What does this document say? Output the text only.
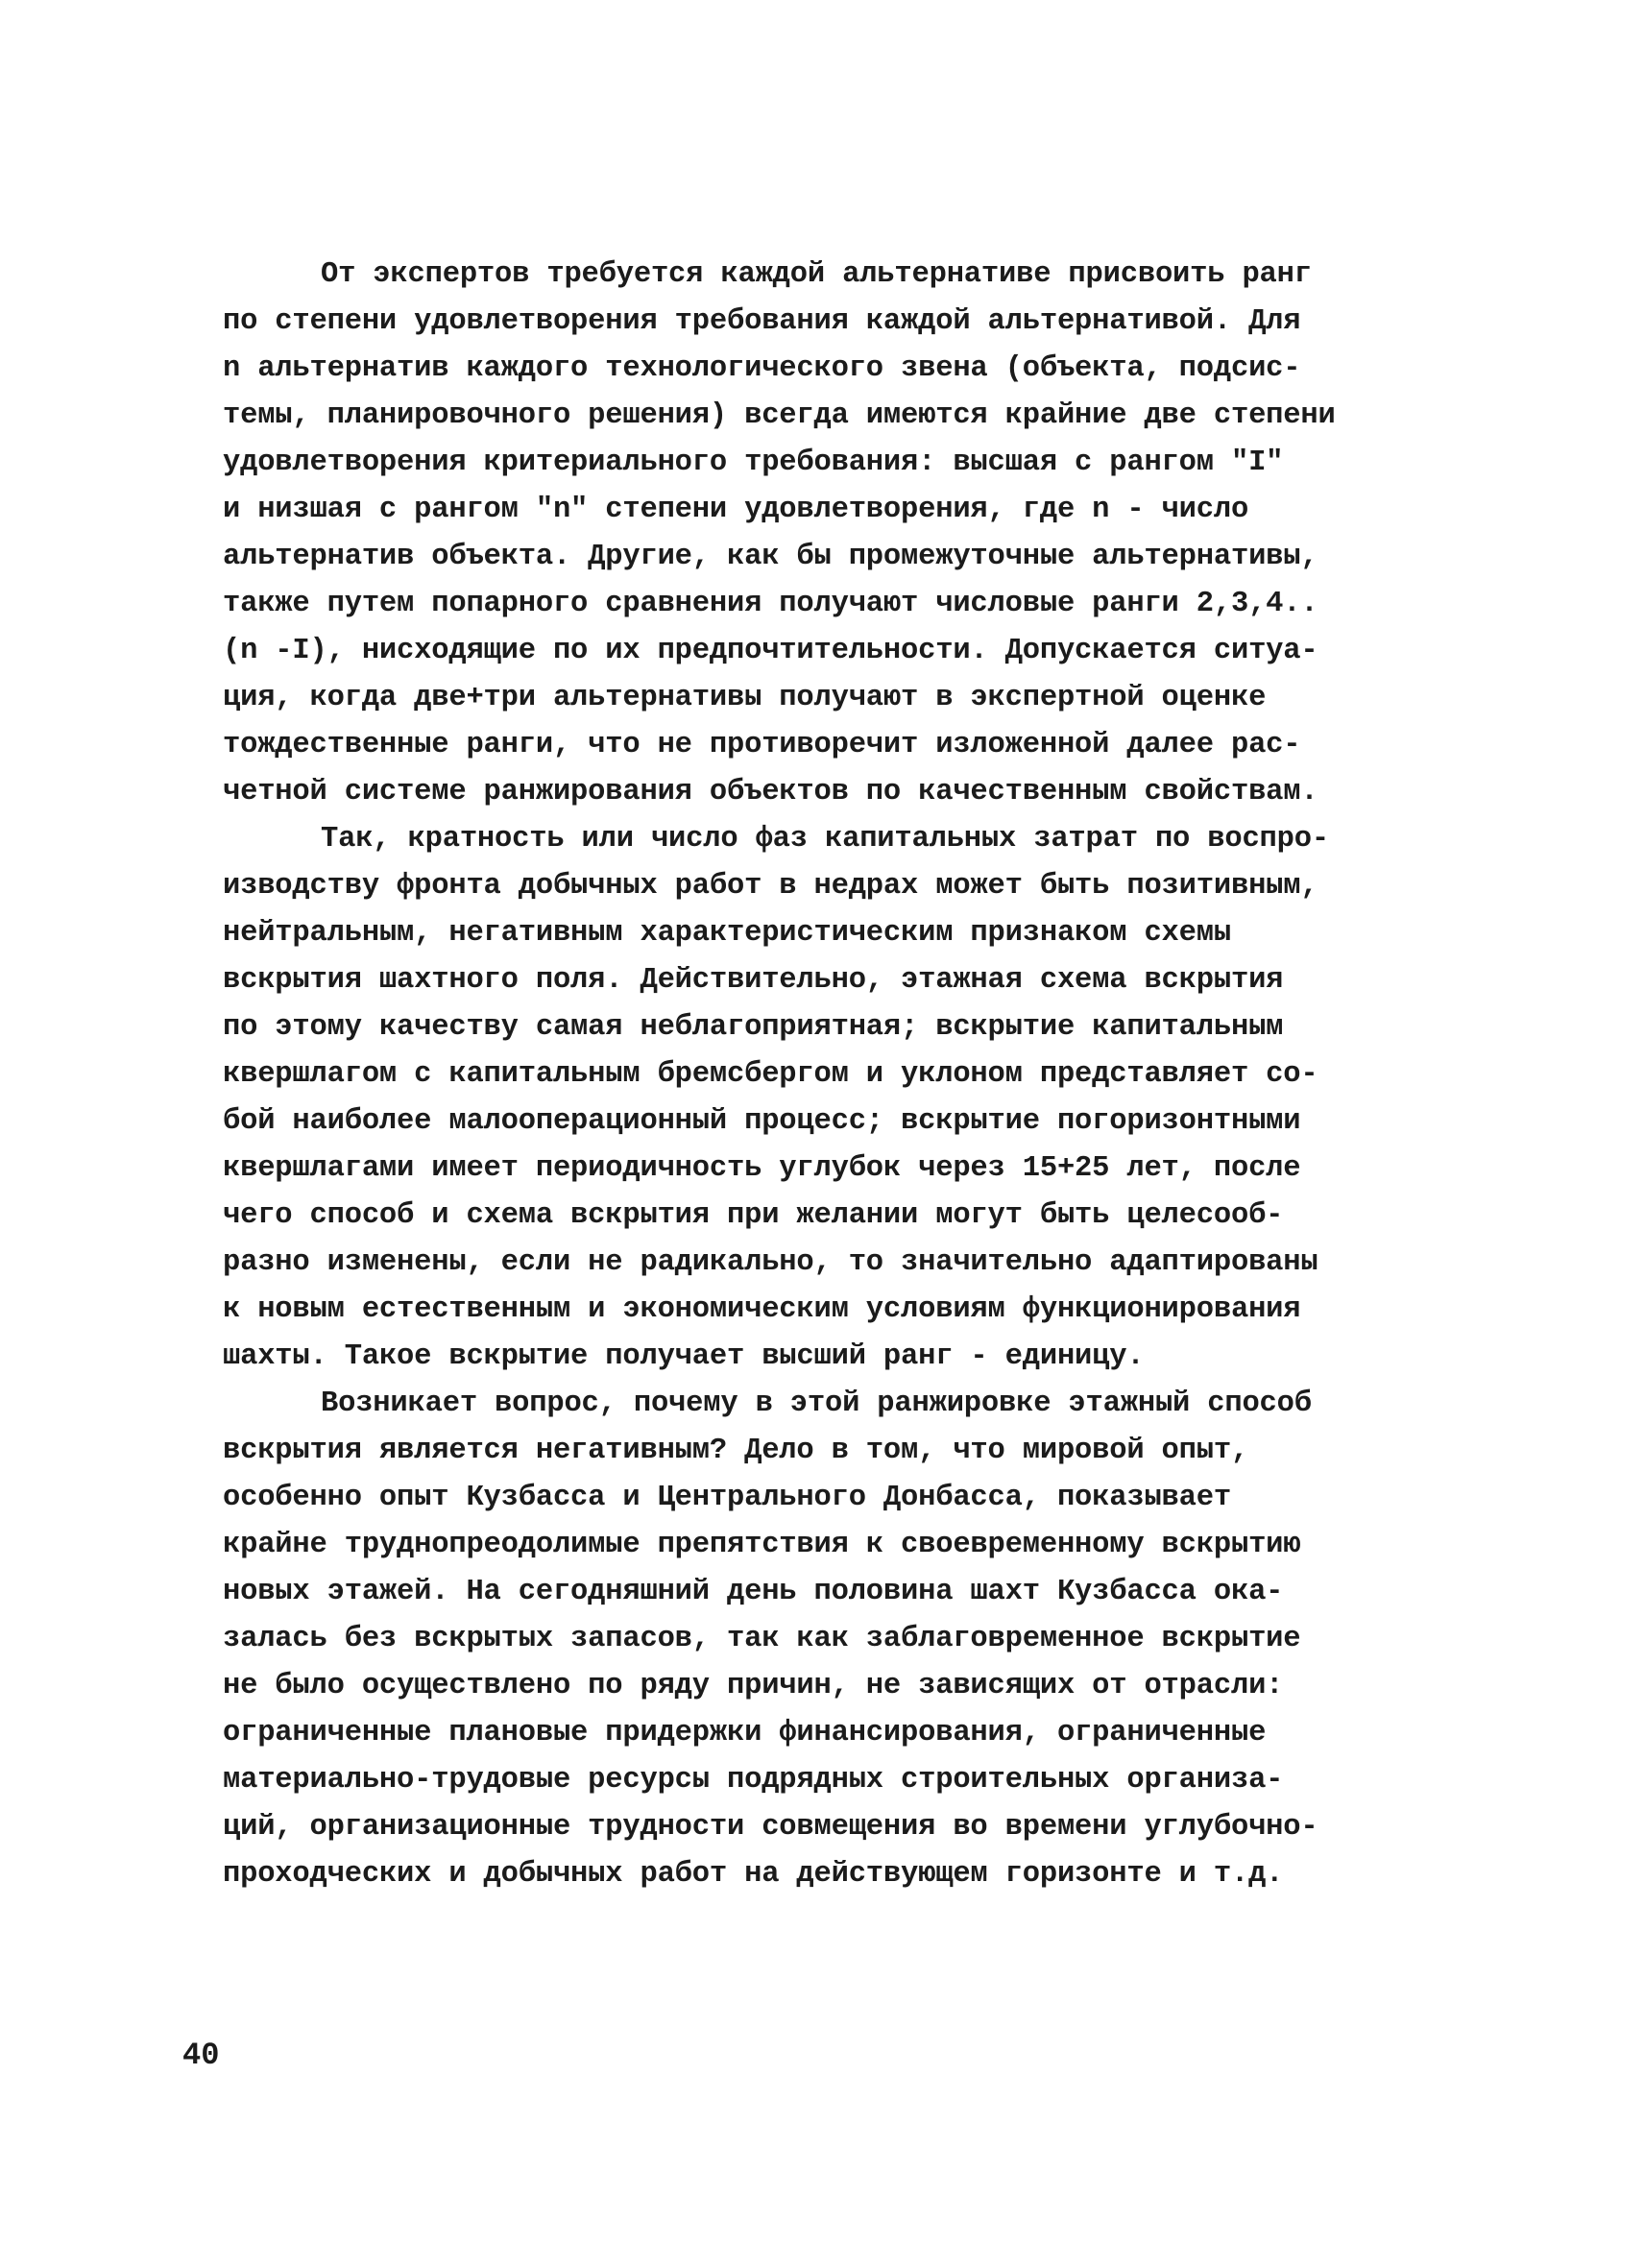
От экспертов требуется каждой альтернативе присвоить ранг
по степени удовлетворения требования каждой альтернативой. Для
n альтернатив каждого технологического звена (объекта, подсис-
темы, планировочного решения) всегда имеются крайние две степени
удовлетворения критериального требования: высшая с рангом "I"
и низшая с рангом "n" степени удовлетворения, где n - число
альтернатив объекта. Другие, как бы промежуточные альтернативы,
также путем попарного сравнения получают числовые ранги 2,3,4..
(n -I), нисходящие по их предпочтительности. Допускается ситуа-
ция, когда две+три альтернативы получают в экспертной оценке
тождественные ранги, что не противоречит изложенной далее рас-
четной системе ранжирования объектов по качественным свойствам.
Так, кратность или число фаз капитальных затрат по воспро-
изводству фронта добычных работ в недрах может быть позитивным,
нейтральным, негативным характеристическим признаком схемы
вскрытия шахтного поля. Действительно, этажная схема вскрытия
по этому качеству самая неблагоприятная; вскрытие капитальным
квершлагом с капитальным бремсбергом и уклоном представляет со-
бой наиболее малооперационный процесс; вскрытие погоризонтными
квершлагами имеет периодичность углубок через 15+25 лет, после
чего способ и схема вскрытия при желании могут быть целесооб-
разно изменены, если не радикально, то значительно адаптированы
к новым естественным и экономическим условиям функционирования
шахты. Такое вскрытие получает высший ранг - единицу.
Возникает вопрос, почему в этой ранжировке этажный способ
вскрытия является негативным? Дело в том, что мировой опыт,
особенно опыт Кузбасса и Центрального Донбасса, показывает
крайне труднопреодолимые препятствия к своевременному вскрытию
новых этажей. На сегодняшний день половина шахт Кузбасса ока-
залась без вскрытых запасов, так как заблаговременное вскрытие
не было осуществлено по ряду причин, не зависящих от отрасли:
ограниченные плановые придержки финансирования, ограниченные
материально-трудовые ресурсы подрядных строительных организа-
ций, организационные трудности совмещения во времени углубочно-
проходческих и добычных работ на действующем горизонте и т.д.
40
